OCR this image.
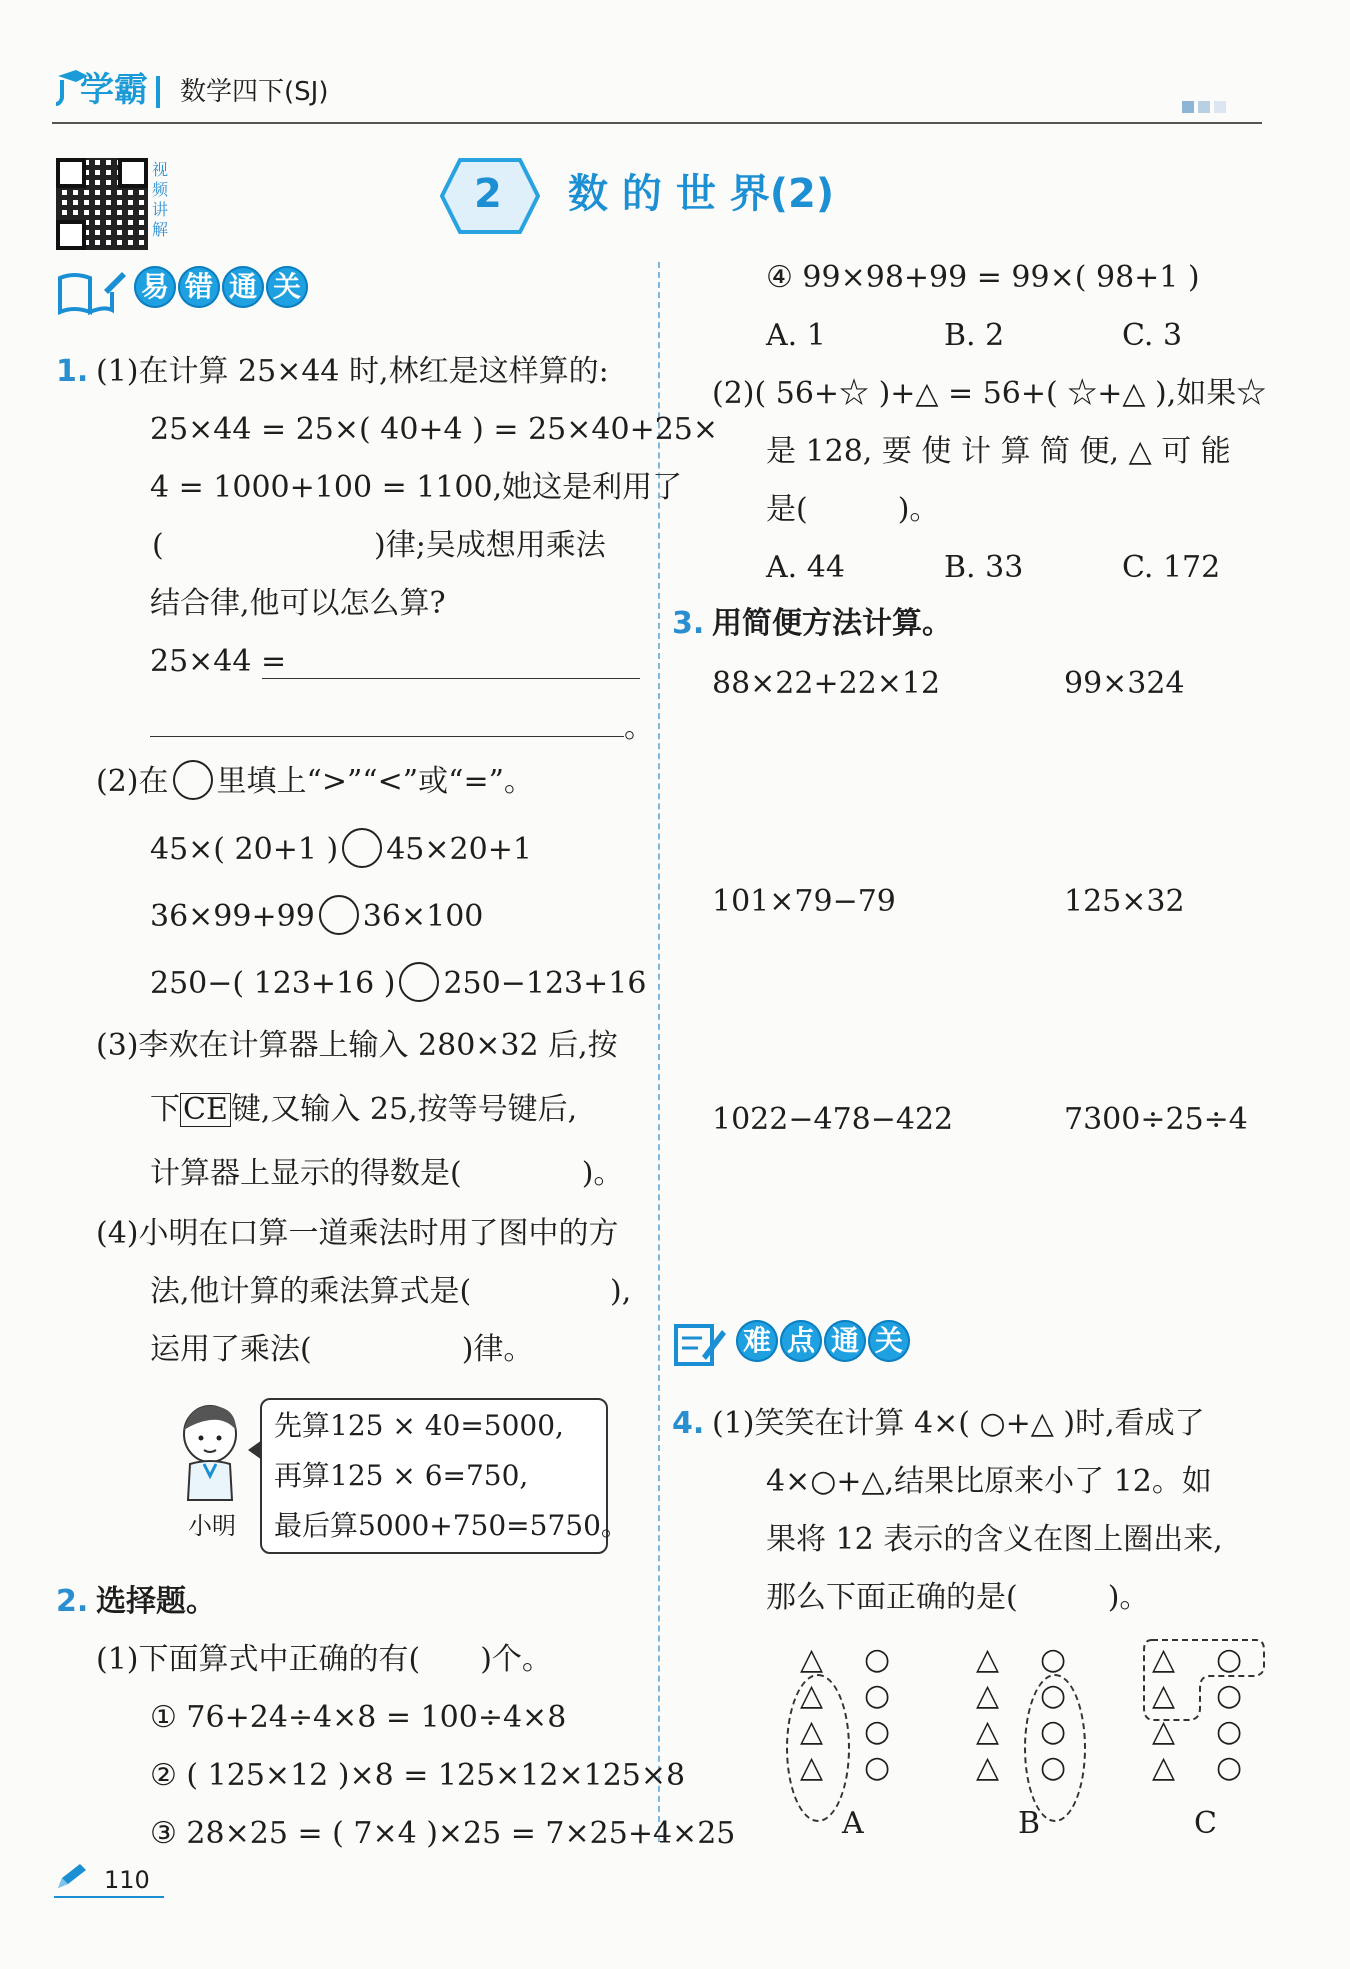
学霸 数学四下(SJ)
视频讲解
2 数 的 世 界(2)
易 错 通 关
1. (1)在计算 25×44 时,林红是这样算的:
25×44 = 25×( 40+4 ) = 25×40+25×
4 = 1000+100 = 1100,她这是利用了
(	)律;吴成想用乘法
结合律,他可以怎么算?
25×44 =
。
(2)在 里填上“>”“<”或“=”。
45×( 20+1 ) 45×20+1
36×99+99 36×100
250−( 123+16 ) 250−123+16
(3)李欢在计算器上输入 280×32 后,按
下 CE 键,又输入 25,按等号键后,
计算器上显示的得数是(　　　　)。
(4)小明在口算一道乘法时用了图中的方
法,他计算的乘法算式是(	),
运用了乘法(　　　　　)律。
小明
先算125 × 40=5000,
再算125 × 6=750,
最后算5000+750=5750。
2. 选择题。
(1)下面算式中正确的有(　　)个。
① 76+24÷4×8 = 100÷4×8
② ( 125×12 )×8 = 125×12×125×8
③ 28×25 = ( 7×4 )×25 = 7×25+4×25
④ 99×98+99 = 99×( 98+1 )
A. 1	B. 2	C. 3
(2)( 56+☆ )+△ = 56+( ☆+△ ),如果☆
是 128, 要 使 计 算 简 便, △ 可 能
是(　　　)。
A. 44	B. 33	C. 172
3. 用简便方法计算。
88×22+22×12	99×324
101×79−79	125×32
1022−478−422	7300÷25÷4
难 点 通 关
4. (1)笑笑在计算 4×( ○+△ )时,看成了
4×○+△,结果比原来小了 12。如
果将 12 表示的含义在图上圈出来,
那么下面正确的是(　　　)。
△ ○
△ ○
△ ○
△ ○
A
△ ○
△ ○
△ ○
△ ○
B
△ ○
△ ○
△ ○
△ ○
C
110
